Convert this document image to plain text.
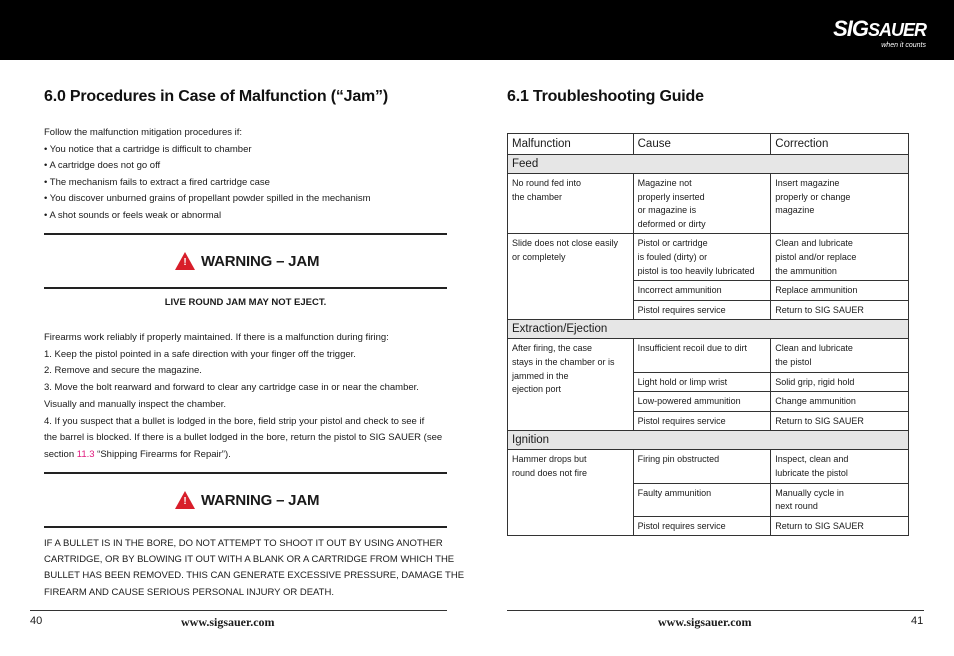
SIGSAUER
when it counts
6.0 Procedures in Case of Malfunction (“Jam”)
Follow the malfunction mitigation procedures if:
• You notice that a cartridge is difficult to chamber
• A cartridge does not go off
• The mechanism fails to extract a fired cartridge case
• You discover unburned grains of propellant powder spilled in the mechanism
• A shot sounds or feels weak or abnormal
! WARNING – JAM
LIVE ROUND JAM MAY NOT EJECT.
Firearms work reliably if properly maintained. If there is a malfunction during firing:
1. Keep the pistol pointed in a safe direction with your finger off the trigger.
2. Remove and secure the magazine.
3. Move the bolt rearward and forward to clear any cartridge case in or near the chamber.
Visually and manually inspect the chamber.
4. If you suspect that a bullet is lodged in the bore, field strip your pistol and check to see if
the barrel is blocked. If there is a bullet lodged in the bore, return the pistol to SIG SAUER (see
section 11.3 “Shipping Firearms for Repair”).
! WARNING – JAM
IF A BULLET IS IN THE BORE, DO NOT ATTEMPT TO SHOOT IT OUT BY USING ANOTHER
CARTRIDGE, OR BY BLOWING IT OUT WITH A BLANK OR A CARTRIDGE FROM WHICH THE
BULLET HAS BEEN REMOVED. THIS CAN GENERATE EXCESSIVE PRESSURE, DAMAGE THE
FIREARM AND CAUSE SERIOUS PERSONAL INJURY OR DEATH.
6.1 Troubleshooting Guide
Malfunction	Cause	Correction
Feed		
No round fed into
the chamber	Magazine not
properly inserted
or magazine is
deformed or dirty	Insert magazine
properly or change
magazine
Slide does not close easily
or completely	Pistol or cartridge
is fouled (dirty) or
pistol is too heavily lubricated	Clean and lubricate
pistol and/or replace
the ammunition
	Incorrect ammunition	Replace ammunition
	Pistol requires service	Return to SIG SAUER
Extraction/Ejection		
After firing, the case
stays in the chamber or is
jammed in the
ejection port	Insufficient recoil due to dirt	Clean and lubricate
the pistol
	Light hold or limp wrist	Solid grip, rigid hold
	Low-powered ammunition	Change ammunition
	Pistol requires service	Return to SIG SAUER
Ignition		
Hammer drops but
round does not fire	Firing pin obstructed	Inspect, clean and
lubricate the pistol
	Faulty ammunition	Manually cycle in
next round
	Pistol requires service	Return to SIG SAUER
40	www.sigsauer.com	www.sigsauer.com	41
